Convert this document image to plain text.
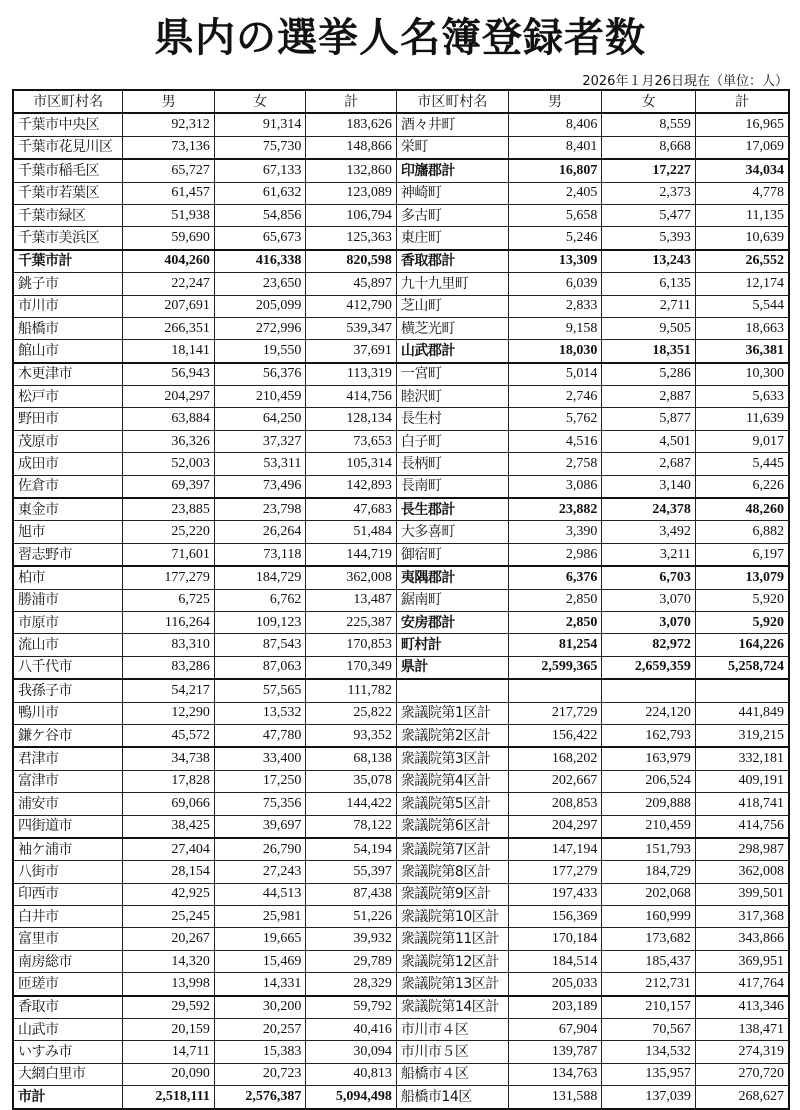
県内の選挙人名簿登録者数
2026年１月26日現在（単位：人）
市区町村名	男	女	計	市区町村名	男	女	計
千葉市中央区	92,312	91,314	183,626	酒々井町	8,406	8,559	16,965
千葉市花見川区	73,136	75,730	148,866	栄町	8,401	8,668	17,069
千葉市稲毛区	65,727	67,133	132,860	印旛郡計	16,807	17,227	34,034
千葉市若葉区	61,457	61,632	123,089	神崎町	2,405	2,373	4,778
千葉市緑区	51,938	54,856	106,794	多古町	5,658	5,477	11,135
千葉市美浜区	59,690	65,673	125,363	東庄町	5,246	5,393	10,639
千葉市計	404,260	416,338	820,598	香取郡計	13,309	13,243	26,552
銚子市	22,247	23,650	45,897	九十九里町	6,039	6,135	12,174
市川市	207,691	205,099	412,790	芝山町	2,833	2,711	5,544
船橋市	266,351	272,996	539,347	横芝光町	9,158	9,505	18,663
館山市	18,141	19,550	37,691	山武郡計	18,030	18,351	36,381
木更津市	56,943	56,376	113,319	一宮町	5,014	5,286	10,300
松戸市	204,297	210,459	414,756	睦沢町	2,746	2,887	5,633
野田市	63,884	64,250	128,134	長生村	5,762	5,877	11,639
茂原市	36,326	37,327	73,653	白子町	4,516	4,501	9,017
成田市	52,003	53,311	105,314	長柄町	2,758	2,687	5,445
佐倉市	69,397	73,496	142,893	長南町	3,086	3,140	6,226
東金市	23,885	23,798	47,683	長生郡計	23,882	24,378	48,260
旭市	25,220	26,264	51,484	大多喜町	3,390	3,492	6,882
習志野市	71,601	73,118	144,719	御宿町	2,986	3,211	6,197
柏市	177,279	184,729	362,008	夷隅郡計	6,376	6,703	13,079
勝浦市	6,725	6,762	13,487	鋸南町	2,850	3,070	5,920
市原市	116,264	109,123	225,387	安房郡計	2,850	3,070	5,920
流山市	83,310	87,543	170,853	町村計	81,254	82,972	164,226
八千代市	83,286	87,063	170,349	県計	2,599,365	2,659,359	5,258,724
我孫子市	54,217	57,565	111,782				
鴨川市	12,290	13,532	25,822	衆議院第1区計	217,729	224,120	441,849
鎌ケ谷市	45,572	47,780	93,352	衆議院第2区計	156,422	162,793	319,215
君津市	34,738	33,400	68,138	衆議院第3区計	168,202	163,979	332,181
富津市	17,828	17,250	35,078	衆議院第4区計	202,667	206,524	409,191
浦安市	69,066	75,356	144,422	衆議院第5区計	208,853	209,888	418,741
四街道市	38,425	39,697	78,122	衆議院第6区計	204,297	210,459	414,756
袖ケ浦市	27,404	26,790	54,194	衆議院第7区計	147,194	151,793	298,987
八街市	28,154	27,243	55,397	衆議院第8区計	177,279	184,729	362,008
印西市	42,925	44,513	87,438	衆議院第9区計	197,433	202,068	399,501
白井市	25,245	25,981	51,226	衆議院第10区計	156,369	160,999	317,368
富里市	20,267	19,665	39,932	衆議院第11区計	170,184	173,682	343,866
南房総市	14,320	15,469	29,789	衆議院第12区計	184,514	185,437	369,951
匝瑳市	13,998	14,331	28,329	衆議院第13区計	205,033	212,731	417,764
香取市	29,592	30,200	59,792	衆議院第14区計	203,189	210,157	413,346
山武市	20,159	20,257	40,416	市川市４区	67,904	70,567	138,471
いすみ市	14,711	15,383	30,094	市川市５区	139,787	134,532	274,319
大網白里市	20,090	20,723	40,813	船橋市４区	134,763	135,957	270,720
市計	2,518,111	2,576,387	5,094,498	船橋市14区	131,588	137,039	268,627
